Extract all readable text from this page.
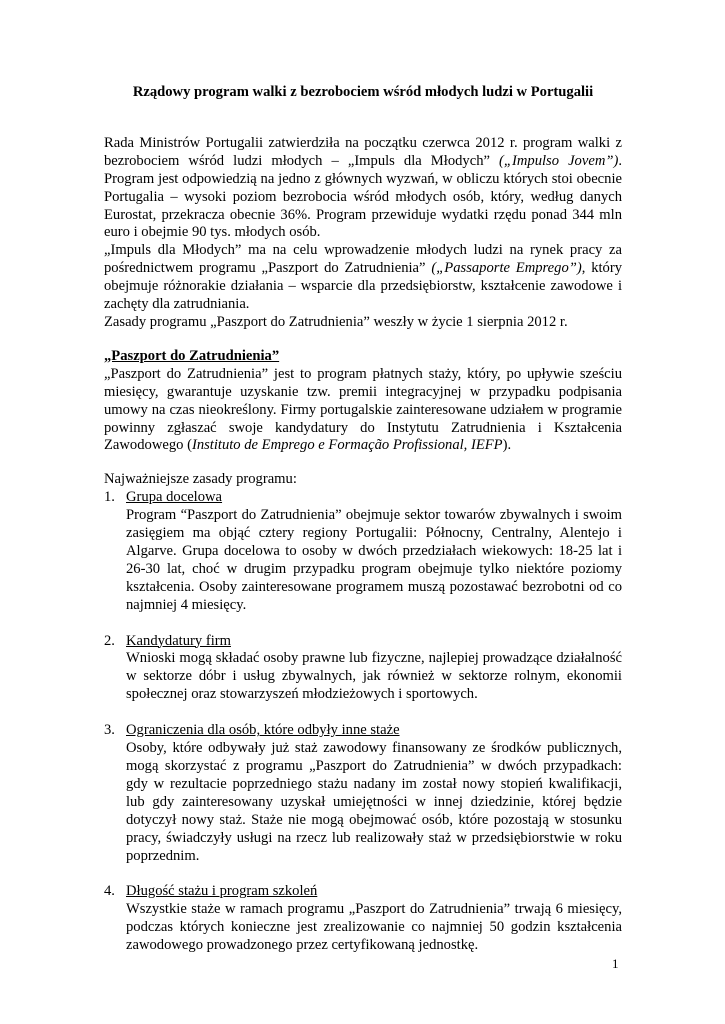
Rządowy program walki z bezrobociem wśród młodych ludzi w Portugalii

Rada Ministrów Portugalii zatwierdziła na początku czerwca 2012 r. program walki z bezrobociem wśród ludzi młodych – „Impuls dla Młodych” („Impulso Jovem”). Program jest odpowiedzią na jedno z głównych wyzwań, w obliczu których stoi obecnie Portugalia – wysoki poziom bezrobocia wśród młodych osób, który, według danych Eurostat, przekracza obecnie 36%. Program przewiduje wydatki rzędu ponad 344 mln euro i obejmie 90 tys. młodych osób.

„Impuls dla Młodych” ma na celu wprowadzenie młodych ludzi na rynek pracy za pośrednictwem programu „Paszport do Zatrudnienia” („Passaporte Emprego”), który obejmuje różnorakie działania – wsparcie dla przedsiębiorstw, kształcenie zawodowe i zachęty dla zatrudniania.

Zasady programu „Paszport do Zatrudnienia” weszły w życie 1 sierpnia 2012 r.

„Paszport do Zatrudnienia”

„Paszport do Zatrudnienia” jest to program płatnych staży, który, po upływie sześciu miesięcy, gwarantuje uzyskanie tzw. premii integracyjnej w przypadku podpisania umowy na czas nieokreślony. Firmy portugalskie zainteresowane udziałem w programie powinny zgłaszać swoje kandydatury do Instytutu Zatrudnienia i Kształcenia Zawodowego (Instituto de Emprego e Formação Profissional, IEFP).

Najważniejsze zasady programu:

1. Grupa docelowa

Program “Paszport do Zatrudnienia” obejmuje sektor towarów zbywalnych i swoim zasięgiem ma objąć cztery regiony Portugalii: Północny, Centralny, Alentejo i Algarve. Grupa docelowa to osoby w dwóch przedziałach wiekowych: 18-25 lat i 26-30 lat, choć w drugim przypadku program obejmuje tylko niektóre poziomy kształcenia. Osoby zainteresowane programem muszą pozostawać bezrobotni od co najmniej 4 miesięcy.

2. Kandydatury firm

Wnioski mogą składać osoby prawne lub fizyczne, najlepiej prowadzące działalność w sektorze dóbr i usług zbywalnych, jak również w sektorze rolnym, ekonomii społecznej oraz stowarzyszeń młodzieżowych i sportowych.

3. Ograniczenia dla osób, które odbyły inne staże

Osoby, które odbywały już staż zawodowy finansowany ze środków publicznych, mogą skorzystać z programu „Paszport do Zatrudnienia” w dwóch przypadkach: gdy w rezultacie poprzedniego stażu nadany im został nowy stopień kwalifikacji, lub gdy zainteresowany uzyskał umiejętności w innej dziedzinie, której będzie dotyczył nowy staż. Staże nie mogą obejmować osób, które pozostają w stosunku pracy, świadczyły usługi na rzecz lub realizowały staż w przedsiębiorstwie w roku poprzednim.

4. Długość stażu i program szkoleń

Wszystkie staże w ramach programu „Paszport do Zatrudnienia” trwają 6 miesięcy, podczas których konieczne jest zrealizowanie co najmniej 50 godzin kształcenia zawodowego prowadzonego przez certyfikowaną jednostkę.

1
